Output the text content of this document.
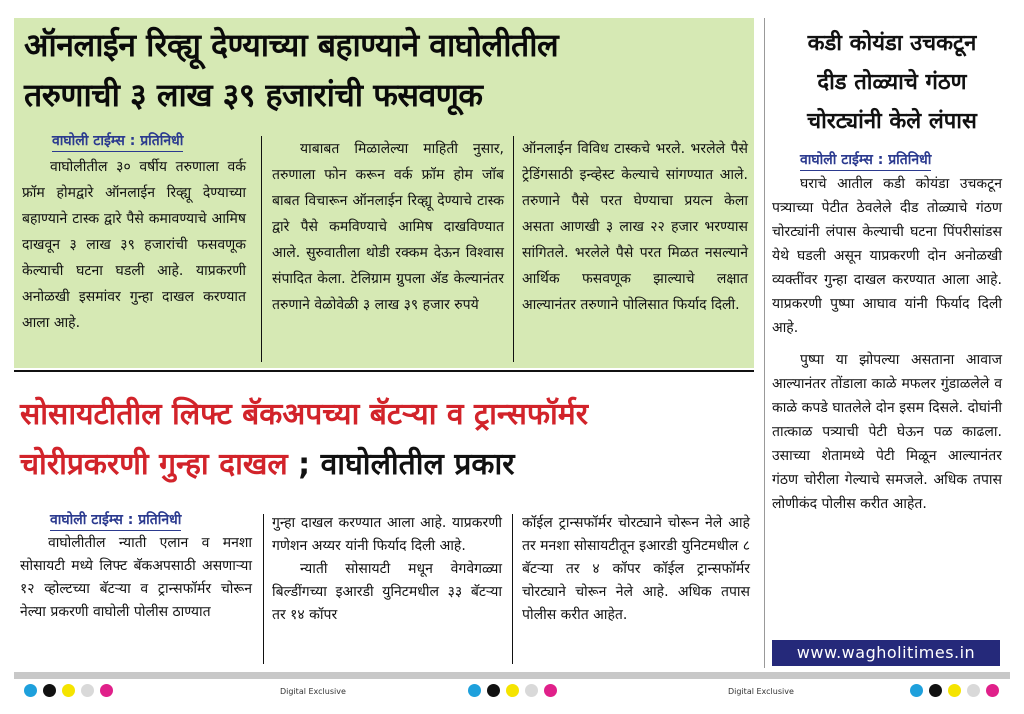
ऑनलाईन रिव्ह्यू देण्याच्या बहाण्याने वाघोलीतील
तरुणाची ३ लाख ३९ हजारांची फसवणूक
वाघोली टाईम्स : प्रतिनिधी

वाघोलीतील ३० वर्षीय तरुणाला वर्क फ्रॉम होमद्वारे ऑनलाईन रिव्ह्यू देण्याच्या बहाण्याने टास्क द्वारे पैसे कमावण्याचे आमिष दाखवून ३ लाख ३९ हजारांची फसवणूक केल्याची घटना घडली आहे. याप्रकरणी अनोळखी इसमांवर गुन्हा दाखल करण्यात आला आहे.

याबाबत मिळालेल्या माहिती नुसार, तरुणाला फोन करून वर्क फ्रॉम होम जॉब बाबत विचारून ऑनलाईन रिव्ह्यू देण्याचे टास्क द्वारे पैसे कमविण्याचे आमिष दाखविण्यात आले. सुरुवातीला थोडी रक्कम देऊन विश्वास संपादित केला. टेलिग्राम ग्रुपला ॲड केल्यानंतर तरुणाने वेळोवेळी ३ लाख ३९ हजार रुपये

ऑनलाईन विविध टास्कचे भरले. भरलेले पैसे ट्रेडिंगसाठी इन्व्हेस्ट केल्याचे सांगण्यात आले. तरुणाने पैसे परत घेण्याचा प्रयत्न केला असता आणखी ३ लाख २२ हजार भरण्यास सांगितले. भरलेले पैसे परत मिळत नसल्याने आर्थिक फसवणूक झाल्याचे लक्षात आल्यानंतर तरुणाने पोलिसात फिर्याद दिली.

सोसायटीतील लिफ्ट बॅकअपच्या बॅटऱ्या व ट्रान्सफॉर्मर
चोरीप्रकरणी गुन्हा दाखल ; वाघोलीतील प्रकार
वाघोली टाईम्स : प्रतिनिधी

वाघोलीतील न्याती एलान व मनशा सोसायटी मध्ये लिफ्ट बॅकअपसाठी असणाऱ्या १२ व्होल्टच्या बॅटऱ्या व ट्रान्सफॉर्मर चोरून नेल्या प्रकरणी वाघोली पोलीस ठाण्यात

गुन्हा दाखल करण्यात आला आहे. याप्रकरणी गणेशन अय्यर यांनी फिर्याद दिली आहे.

न्याती सोसायटी मधून वेगवेगळ्या बिल्डींगच्या इआरडी युनिटमधील ३३ बॅटऱ्या तर १४ कॉपर

कॉईल ट्रान्सफॉर्मर चोरट्याने चोरून नेले आहे तर मनशा सोसायटीतून इआरडी युनिटमधील ८ बॅटऱ्या तर ४ कॉपर कॉईल ट्रान्सफॉर्मर चोरट्याने चोरून नेले आहे. अधिक तपास पोलीस करीत आहेत.

कडी कोयंडा उचकटून
दीड तोळ्याचे गंठण
चोरट्यांनी केले लंपास
वाघोली टाईम्स : प्रतिनिधी

घराचे आतील कडी कोयंडा उचकटून पत्र्याच्या पेटीत ठेवलेले दीड तोळ्याचे गंठण चोरट्यांनी लंपास केल्याची घटना पिंपरीसांडस येथे घडली असून याप्रकरणी दोन अनोळखी व्यक्तींवर गुन्हा दाखल करण्यात आला आहे. याप्रकरणी पुष्पा आघाव यांनी फिर्याद दिली आहे.

पुष्पा या झोपल्या असताना आवाज आल्यानंतर तोंडाला काळे मफलर गुंडाळलेले व काळे कपडे घातलेले दोन इसम दिसले. दोघांनी तात्काळ पत्र्याची पेटी घेऊन पळ काढला. उसाच्या शेतामध्ये पेटी मिळून आल्यानंतर गंठण चोरीला गेल्याचे समजले. अधिक तपास लोणीकंद पोलीस करीत आहेत.

www.wagholitimes.in
Digital Exclusive	Digital Exclusive
